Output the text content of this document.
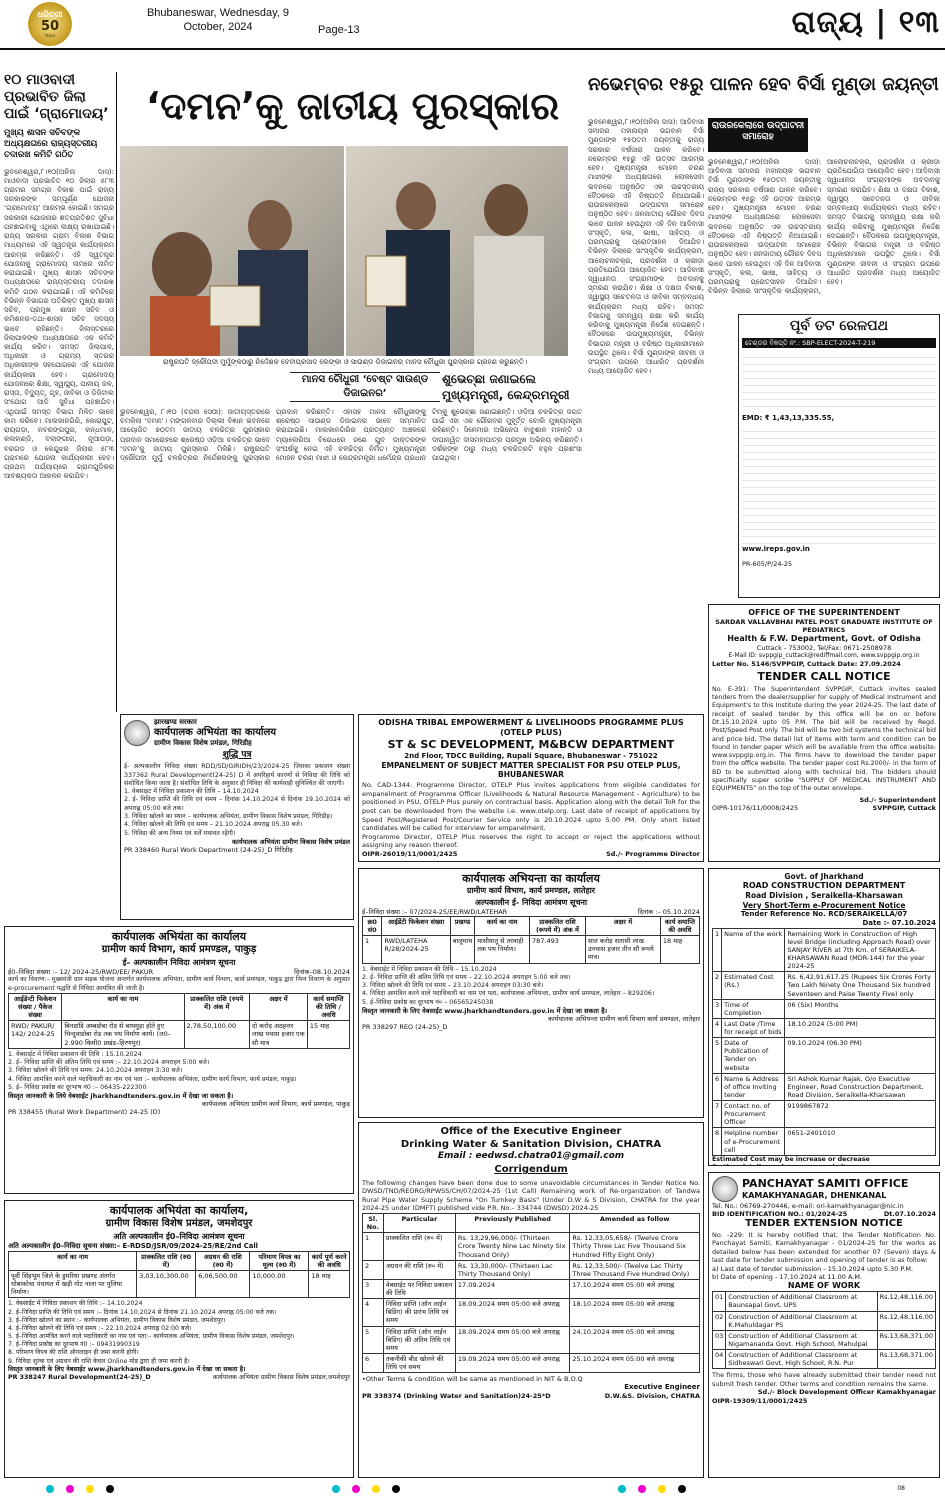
ଧରିତ୍ରୀ
50
Years
Bhubaneswar, Wednesday, 9 October, 2024	Page-13	ରାଜ୍ୟ | ୧୩
୧୦ ମାଓବାଦୀ ପ୍ରଭାବିତ ଜିଲା ପାଇଁ ‘ଗ୍ରାମୋଦୟ’
ମୁଖ୍ୟ ଶାସନ ସଚିବଙ୍କ ଅଧ୍ୟକ୍ଷତାରେ ରାଜ୍ୟସ୍ତରୀୟ ତଦାରଖ କମିଟି ଗଠିତ
ଭୁବନେଶ୍ୱର,୮।୧୦(ଅନିଲ ଦାସ): ମାଓବାଦୀ ପ୍ରଭାବିତ ୧୦ ଜିଲାର ୫୮୩ ଗ୍ରାମର ସମଗ୍ର ବିକାଶ ପାଇଁ ରାଜ୍ୟ ସରକାରଙ୍କ ସମ୍ପୂର୍ଣ୍ଣ ଯୋଜନା ‘ଗ୍ରାମୋଦୟ’ ଆରମ୍ଭ ହୋଇଛି। ସମଗ୍ର ସରକାରୀ ଯୋଜନାର ଶତପ୍ରତିଶତ ସୁବିଧା ପହଞ୍ଚାଇବାକୁ ଏଥିରେ ଲକ୍ଷ୍ୟ ରଖାଯାଇଛି। ରାଜ୍ୟ ସରକାର ଗ୍ରାମ ବିକାଶ ବିଭାଗ ମାଧ୍ୟମରେ ଏହି ସ୍ୱତନ୍ତ୍ର କାର୍ଯ୍ୟକ୍ରମ ଆରମ୍ଭ କରିଛନ୍ତି। ଏହି ସ୍ୱତନ୍ତ୍ର ଯୋଜନାକୁ ଗ୍ରାମୋଦୟ ନାମରେ ନାମିତ କରାଯାଇଛି। ମୁଖ୍ୟ ଶାସନ ସଚିବଙ୍କ ଅଧ୍ୟକ୍ଷତାରେ ରାଜ୍ୟସ୍ତରୀୟ ତଦାରଖ କମିଟି ଗଠନ କରାଯାଇଛି। ଏହି କମିଟିରେ ବିଭିନ୍ନ ବିଭାଗର ଅତିରିକ୍ତ ମୁଖ୍ୟ ଶାସନ ସଚିବ, ପ୍ରମୁଖ ଶାସନ ସଚିବ ଓ କମିଶନର-ତଥା-ଶାସନ ସଚିବ ସଦସ୍ୟ ଭାବେ ରହିଛନ୍ତି। ଜିଲାସ୍ତରରେ ଜିଲାପାଳଙ୍କ ଅଧ୍ୟକ୍ଷତାରେ ଏକ କମିଟି କାର୍ଯ୍ୟ କରିବ। ସମସ୍ତ ଜିଲାପାଳ, ଅଧିକାରୀ ଓ ଗ୍ରାମ୍ୟ ସ୍ତରର ଅଧିକାରୀଙ୍କ ସହଯୋଗରେ ଏହି ଯୋଜନା କାର୍ଯ୍ୟକାରୀ ହେବ। ଗ୍ରାମୋଦୟ ଯୋଜନାରେ ଶିକ୍ଷା, ସ୍ୱାସ୍ଥ୍ୟ, ପାନୀୟ ଜଳ, ରାସ୍ତା, ବିଦ୍ୟୁତ୍, ଗୃହ, ଜୀବିକା ଓ ଡିଜିଟାଲ ସଂଯୋଗ ଆଦି ସୁବିଧା ପହଞ୍ଚାଯିବ। ଏଥିପାଇଁ ସମସ୍ତ ବିଭାଗ ମିଳିତ ଭାବେ କାମ କରିବେ। ମାଲକାନଗିରି, କୋରାପୁଟ, ରାୟଗଡ଼ା, ନବରଙ୍ଗପୁର, କନ୍ଧମାଳ, କଳାହାଣ୍ଡି, ବଲାଙ୍ଗୀର, ନୂଆପଡ଼ା, ବରଗଡ଼ ଓ କେନ୍ଦୁଝର ଜିଲାର ୫୮୩ ଗ୍ରାମରେ ଯୋଜନା କାର୍ଯ୍ୟକାରୀ ହେବ। ପ୍ରଥମ ପର୍ଯ୍ୟାୟରେ ଗ୍ରାମଗୁଡ଼ିକର ଆବଶ୍ୟକତା ଆକଳନ କରାଯିବ।
‘ଦମନ’କୁ ଜାତୀୟ ପୁରସ୍କାର
ରାଷ୍ଟ୍ରପତି ଦ୍ରୌପଦୀ ମୁର୍ମୁଙ୍କଠାରୁ ନିର୍ଦ୍ଦେଶକ ଦେବୀପ୍ରସାଦ ଲେଙ୍କା ଓ ସାଉଣ୍ଡ ଡିଜାଇନର ମାନସ ଚୌଧୁରୀ ପୁରସ୍କାର ଗ୍ରହଣ କରୁଛନ୍ତି।
ମାନସ ଚୌଧୁରୀ ‘ବେଷ୍ଟ ସାଉଣ୍ଡ ଡିଜାଇନର’
ଶୁଭେଚ୍ଛା ଜଣାଇଲେ ମୁଖ୍ୟମନ୍ତ୍ରୀ, କେନ୍ଦ୍ରମନ୍ତ୍ରୀ
ଭୁବନେଶ୍ୱର, ୮।୧୦ (ବନ୍ଦନା ସେଠୀ): ଜାତୀୟସ୍ତରରେ ଚମକିଲା ‘ଦମନ’। ମଙ୍ଗଳବାର ଦିଲ୍ଲୀ ବିଜ୍ଞାନ ଭବନରେ ଆୟୋଜିତ ୭୦ତମ ଜାତୀୟ ଚଳଚ୍ଚିତ୍ର ପୁରସ୍କାର ପ୍ରଦାନ ସମାରୋହରେ ଶ୍ରେଷ୍ଠ ଓଡ଼ିଆ ଚଳଚ୍ଚିତ୍ର ଭାବେ ‘ଦମନ’କୁ ଜାତୀୟ ପୁରସ୍କାର ମିଳିଛି। ରାଷ୍ଟ୍ରପତି ଦ୍ରୌପଦୀ ମୁର୍ମୁ ଚଳଚ୍ଚିତ୍ରର ନିର୍ଦ୍ଦେଶକଙ୍କୁ ପୁରସ୍କାର ପ୍ରଦାନ କରିଛନ୍ତି। ଏହାସହ ମାନସ ଚୌଧୁରୀଙ୍କୁ ଶ୍ରେଷ୍ଠ ସାଉଣ୍ଡ ଡିଜାଇନର ଭାବେ ସମ୍ମାନିତ କରାଯାଇଛି। ମାଲକାନଗିରିର ପ୍ରତ୍ୟନ୍ତ ଅଞ୍ଚଳରେ ମ୍ୟାଲେରିଆ ବିରୋଧରେ ଜଣେ ଯୁବ ଡାକ୍ତରଙ୍କ ସଂଘର୍ଷକୁ ନେଇ ଏହି ଚଳଚ୍ଚିତ୍ର ନିର୍ମିତ। ମୁଖ୍ୟମନ୍ତ୍ରୀ ମୋହନ ଚରଣ ମାଝୀ ଓ କେନ୍ଦ୍ରମନ୍ତ୍ରୀ ଧର୍ମେନ୍ଦ୍ର ପ୍ରଧାନ ଟିମ୍‌କୁ ଶୁଭେଚ୍ଛା ଜଣାଇଛନ୍ତି। ଓଡ଼ିଆ ଚଳଚ୍ଚିତ୍ର ଜଗତ ପାଇଁ ଏହା ଏକ ଗୌରବର ମୁହୂର୍ତ୍ତ ବୋଲି ମୁଖ୍ୟମନ୍ତ୍ରୀ କହିଛନ୍ତି। ସିନେମାର ଅଭିନେତା ବାବୁଶାନ ମହାନ୍ତି ଓ ଦୀପାନ୍ୱିତ ଦାସମହାପାତ୍ର ପ୍ରମୁଖ ଅଭିନୟ କରିଛନ୍ତି। ଦର୍ଶକଙ୍କ ଠାରୁ ମଧ୍ୟ ଚଳଚ୍ଚିତ୍ରଟି ବହୁଳ ପ୍ରଶଂସା ପାଇଥିଲା।
ନଭେମ୍ବର ୧୫ରୁ ପାଳନ ହେବ ବିର୍ସା ମୁଣ୍ଡା ଜୟନ୍ତୀ
ରାଉରକେଲାରେ ଉଦ୍‌ଘାଟନୀ ସମାରୋହ
ଭୁବନେଶ୍ୱର,୮।୧୦(ଅନିଲ ଦାସ): ଆଦିବାସୀ ସମାଜର ମହାନାୟକ ଭଗବାନ ବିର୍ସା ମୁଣ୍ଡାଙ୍କ ୧୫୦ତମ ଜୟନ୍ତୀକୁ ରାଜ୍ୟ ସରକାର ବର୍ଷସାରା ପାଳନ କରିବେ। ନଭେମ୍ବର ୧୫ରୁ ଏହି ଉତ୍ସବ ଆରମ୍ଭ ହେବ। ମୁଖ୍ୟମନ୍ତ୍ରୀ ମୋହନ ଚରଣ ମାଝୀଙ୍କ ଅଧ୍ୟକ୍ଷତାରେ ଲୋକସେବା ଭବନରେ ଅନୁଷ୍ଠିତ ଏକ ଉଚ୍ଚସ୍ତରୀୟ ବୈଠକରେ ଏହି ନିଷ୍ପତ୍ତି ନିଆଯାଇଛି। ରାଉରକେଲାରେ ଉଦ୍‌ଘାଟନୀ ସମାରୋହ ଅନୁଷ୍ଠିତ ହେବ। ଜନଜାତୀୟ ଗୌରବ ଦିବସ ଭାବେ ପାଳନ ହେଉଥିବା ଏହି ଦିନ ଆଦିବାସୀ ସଂସ୍କୃତି, କଳା, ଭାଷା, ସାହିତ୍ୟ ଓ ପରମ୍ପରାକୁ ପ୍ରୋତ୍ସାହନ ଦିଆଯିବ। ବିଭିନ୍ନ ଜିଲାରେ ସାଂସ୍କୃତିକ କାର୍ଯ୍ୟକ୍ରମ, ଆଲୋଚନାଚକ୍ର, ପ୍ରଦର୍ଶନୀ ଓ କ୍ରୀଡ଼ା ପ୍ରତିଯୋଗିତା ଆୟୋଜିତ ହେବ। ଆଦିବାସୀ ସ୍ୱାଧୀନତା ସଂଗ୍ରାମୀଙ୍କ ଅବଦାନକୁ ସ୍ମରଣ କରାଯିବ। ଶିକ୍ଷା ଓ ଦକ୍ଷତା ବିକାଶ, ସ୍ୱାସ୍ଥ୍ୟ ସଚେତନତା ଓ ଜୀବିକା ସମ୍ବନ୍ଧୀୟ କାର୍ଯ୍ୟକ୍ରମ ମଧ୍ୟ ରହିବ। ସମସ୍ତ ବିଭାଗକୁ ସମନ୍ୱୟ ରକ୍ଷା କରି କାର୍ଯ୍ୟ କରିବାକୁ ମୁଖ୍ୟମନ୍ତ୍ରୀ ନିର୍ଦ୍ଦେଶ ଦେଇଛନ୍ତି। ବୈଠକରେ ଉପମୁଖ୍ୟମନ୍ତ୍ରୀ, ବିଭିନ୍ନ ବିଭାଗର ମନ୍ତ୍ରୀ ଓ ବରିଷ୍ଠ ଅଧିକାରୀମାନେ ଉପସ୍ଥିତ ଥିଲେ। ବିର୍ସା ମୁଣ୍ଡାଙ୍କ ଜୀବନୀ ଓ ସଂଗ୍ରାମ ଉପରେ ଆଧାରିତ ପ୍ରଦର୍ଶନୀ ମଧ୍ୟ ଆୟୋଜିତ ହେବ।
ଭୁବନେଶ୍ୱର,୮।୧୦(ଅନିଲ ଦାସ): ଆଦିବାସୀ ସମାଜର ମହାନାୟକ ଭଗବାନ ବିର୍ସା ମୁଣ୍ଡାଙ୍କ ୧୫୦ତମ ଜୟନ୍ତୀକୁ ରାଜ୍ୟ ସରକାର ବର୍ଷସାରା ପାଳନ କରିବେ। ନଭେମ୍ବର ୧୫ରୁ ଏହି ଉତ୍ସବ ଆରମ୍ଭ ହେବ। ମୁଖ୍ୟମନ୍ତ୍ରୀ ମୋହନ ଚରଣ ମାଝୀଙ୍କ ଅଧ୍ୟକ୍ଷତାରେ ଲୋକସେବା ଭବନରେ ଅନୁଷ୍ଠିତ ଏକ ଉଚ୍ଚସ୍ତରୀୟ ବୈଠକରେ ଏହି ନିଷ୍ପତ୍ତି ନିଆଯାଇଛି। ରାଉରକେଲାରେ ଉଦ୍‌ଘାଟନୀ ସମାରୋହ ଅନୁଷ୍ଠିତ ହେବ। ଜନଜାତୀୟ ଗୌରବ ଦିବସ ଭାବେ ପାଳନ ହେଉଥିବା ଏହି ଦିନ ଆଦିବାସୀ ସଂସ୍କୃତି, କଳା, ଭାଷା, ସାହିତ୍ୟ ଓ ପରମ୍ପରାକୁ ପ୍ରୋତ୍ସାହନ ଦିଆଯିବ। ବିଭିନ୍ନ ଜିଲାରେ ସାଂସ୍କୃତିକ କାର୍ଯ୍ୟକ୍ରମ, ଆଲୋଚନାଚକ୍ର, ପ୍ରଦର୍ଶନୀ ଓ କ୍ରୀଡ଼ା ପ୍ରତିଯୋଗିତା ଆୟୋଜିତ ହେବ। ଆଦିବାସୀ ସ୍ୱାଧୀନତା ସଂଗ୍ରାମୀଙ୍କ ଅବଦାନକୁ ସ୍ମରଣ କରାଯିବ। ଶିକ୍ଷା ଓ ଦକ୍ଷତା ବିକାଶ, ସ୍ୱାସ୍ଥ୍ୟ ସଚେତନତା ଓ ଜୀବିକା ସମ୍ବନ୍ଧୀୟ କାର୍ଯ୍ୟକ୍ରମ ମଧ୍ୟ ରହିବ। ସମସ୍ତ ବିଭାଗକୁ ସମନ୍ୱୟ ରକ୍ଷା କରି କାର୍ଯ୍ୟ କରିବାକୁ ମୁଖ୍ୟମନ୍ତ୍ରୀ ନିର୍ଦ୍ଦେଶ ଦେଇଛନ୍ତି। ବୈଠକରେ ଉପମୁଖ୍ୟମନ୍ତ୍ରୀ, ବିଭିନ୍ନ ବିଭାଗର ମନ୍ତ୍ରୀ ଓ ବରିଷ୍ଠ ଅଧିକାରୀମାନେ ଉପସ୍ଥିତ ଥିଲେ। ବିର୍ସା ମୁଣ୍ଡାଙ୍କ ଜୀବନୀ ଓ ସଂଗ୍ରାମ ଉପରେ ଆଧାରିତ ପ୍ରଦର୍ଶନୀ ମଧ୍ୟ ଆୟୋଜିତ ହେବ।
ପୂର୍ବ ତଟ ରେଳପଥ
ଟେଣ୍ଡର ବିଜ୍ଞପ୍ତି ନଂ.: SBP-ELECT-2024-T-219
EMD: ₹ 1,43,13,335.55,
www.ireps.gov.in
PR-605/P/24-25
OFFICE OF THE SUPERINTENDENT
SARDAR VALLAVBHAI PATEL POST GRADUATE INSTITUTE OF PEDIATRICS
Health & F.W. Department, Govt. of Odisha
Cuttack - 753002, Tel/Fax: 0671-2508978
E-Mail ID: svppgip_cuttack@rediffmail.com, www.svppgip.org.in
Letter No. 5146/SVPPGIP, Cuttack Date: 27.09.2024
TENDER CALL NOTICE
No. E-391: The Superintendent SVPPGIP, Cuttack invites sealed tenders from the dealer/supplier for supply of Medical Instrument and Equipment's to this Institute during the year 2024-25. The last date of receipt of sealed tender by this office will be on or before Dt.15.10.2024 upto 05 P.M. The bid will be received by Regd. Post/Speed Post only. The bid will be two bid systems the technical bid and price bid. The detail list of items with term and condition can be found in tender paper which will be available from the office website: www.svppgip.org.in. The firms have to download the tender paper from the office website. The tender paper cost Rs.2000/- in the form of BD to be submitted along with technical bid. The bidders should specifically super scribe “SUPPLY OF MEDICAL INSTRUMENT AND EQUIPMENTS” on the top of the outer envelope.
Sd./- Superintendent
OIPR-10176/11/0008/2425	SVPPGIP, Cuttack
झारखण्ड सरकार
कार्यपालक अभियंता का कार्यालय
ग्रामीण विकास विशेष प्रमंडल, गिरिडीह
शुद्धि पत्र
ई- अल्पकालीन निविदा संख्या RDD/SD/GIRIDH/23/2024-25 जिसका प्रकाशन संख्या 337362 Rural Development(24-25) D में अपरिहार्य कारणों से निविदा की तिथि को संशोधित किया जाता है। संशोधित तिथि के अनुसार ही निविदा की कार्यवाही सुनिश्चित की जाएगी।
1. वेबसाइट में निविदा प्रकाशन की तिथि – 14.10.2024
2. ई- निविदा प्राप्ति की तिथि एवं समय – दिनांक 14.10.2024 से दिनांक 19.10.2024 को अपराह्न 05:00 बजे तक।
3. निविदा खोलने का स्थान – कार्यपालक अभियंता, ग्रामीण विकास विशेष प्रमंडल, गिरिडीह।
4. निविदा खोलने की तिथि एवं समय – 21.10.2024 अपराह्न 05.30 बजे।
5. निविदा की अन्य नियम एवं शर्तें यथावत रहेंगी।
कार्यपालक अभियंता ग्रामीण विकास विशेष प्रमंडल
PR 338460 Rural Work Department (24-25)_D गिरिडीह
ODISHA TRIBAL EMPOWERMENT & LIVELIHOODS PROGRAMME PLUS (OTELP PLUS)
ST & SC DEVELOPMENT, M&BCW DEPARTMENT
2nd Floor, TDCC Building, Rupali Square, Bhubaneswar - 751022
EMPANELMENT OF SUBJECT MATTER SPECIALIST FOR PSU OTELP PLUS, BHUBANESWAR
No. CAD-1344: Programme Director, OTELP Plus invites applications from eligible candidates for empanelment of Programme Officer (Livelihoods & Natural Resource Management - Agriculture) to be positioned in PSU, OTELP Plus purely on contractual basis. Application along with the detail ToR for the post can be downloaded from the website i.e. www.otelp.org. Last date of receipt of applications by Speed Post/Registered Post/Courier Service only is 20.10.2024 upto 5.00 PM. Only short listed candidates will be called for interview for empanelment.
Programme Director, OTELP Plus reserves the right to accept or reject the applications without assigning any reason thereof.
OIPR-26019/11/0001/2425	Sd./- Programme Director
कार्यपालक अभियंता का कार्यालय
ग्रामीण कार्य विभाग, कार्य प्रमण्डल, पाकुड़
ई– अल्पकालीन निविदा आमंत्रण सूचना
ई0–निविदा संख्या :– 12/ 2024-25/RWD/EE/ PAKUR	दिनांक–08.10.2024
कार्य का विवरण:– मुख्यमंत्री ग्राम सड़क योजना अन्तर्गत कार्यपालक अभियंता, ग्रामीण कार्य विभाग, कार्य प्रमण्डल, पाकुड़ द्वारा निम्न विवरण के अनुसार e-procurement पद्धति से निविदा आमंत्रित की जाती है।
आईडेन्टी फिकेशन संख्या / पैकेज संख्या	कार्य का नाम	प्राक्कलित राशि (रुपये में) अंक में	अक्षर में	कार्य समाप्ति की तिथि / अवधि
RWD/ PAKUR/ 142/ 2024-25	बिनडांडि अम्बडोबा रोड से बाथमुड़ा होते हुए चिन्दुवाडोबा रोड तक पथ निर्माण कार्य। (ल0–2.990 किमी0 प्रखंड–हिरणपुर)	2,78,50,100.00	दो करोड़ अठहत्तर लाख पचास हजार एक सौ मात्र	15 माह
1. वेबसाईट में निविदा प्रकाशन की तिथि : 15.10.2024
2. ई– निविदा प्राप्ति की अंतिम तिथि एवं समय :– 22.10.2024 अपराहन 5:00 बजे।
3. निविदा खोलने की तिथि एवं समय: 24.10.2024 अपराहन 3:30 बजे।
4. निविदा आमंत्रित करने वाले पदाधिकारी का नाम एवं पता :– कार्यपालक अभियंता, ग्रामीण कार्य विभाग, कार्य प्रमंडल, पाकुड़।
5. ई– निविदा प्रकोष्ठ का दूरभाष नं0 :– 06435-222300
विस्तृत जानकारी के लिये वेबसाईट jharkhandtenders.gov.in में देखा जा सकता है।
कार्यपालक अभियंता ग्रामीण कार्य विभाग, कार्य प्रमण्डल, पाकुड़
PR 338455 (Rural Work Department) 24-25 (D)
कार्यपालक अभियन्ता का कार्यालय
ग्रामीण कार्य विभाग, कार्य प्रमण्डल, लातेहार
अल्पकालीन ई- निविदा आमंत्रण सूचना
ई–निविदा संख्या :– 07/2024-25/EE/RWD/LATEHAR	दिनांक :– 05.10.2024
क्र0 सं0	आईडेंटी फिकेशन संख्या	प्रखण्ड	कार्य का नाम	प्राक्कलित राशि (रूपये में) अंक में	अक्षर में	कार्य समाप्ति की अवधि
1	RWD/LATEHA R/28/2024-25	बालूमाथ	मासीयातू से तरवाही तक पथ निर्माण।	787.493	सात करोड़ सतासी लाख उनचास हजार तीन सौ रूपये मात्र।	18 माह
1. वेबसाईट में निविदा प्रकाशन की तिथि – 15.10.2024
2. ई- निविदा प्राप्ति की अंतिम तिथि एवं समय – 22.10.2024 अपराहन 5:00 बजे तक।
3. निविदा खोलने की तिथि एवं समय – 23.10.2024 अपराहन 03:30 बजे।
4. निविदा आमंत्रित करने वाले पदाधिकारी का नाम एवं पता, कार्यपालक अभियन्ता, ग्रामीण कार्य प्रमण्डल, लातेहार – 829206।
5. ई–निविदा प्रकोष्ठ का दूरभाष नं० – 06565245038
विस्तृत जानकारी के लिए वेबसाईट www.jharkhandtenders.gov.in में देखा जा सकता है।
कार्यपालक अभियन्ता ग्रामीण कार्य विभाग कार्य प्रमण्डल, लातेहार
PR 338297 REO (24-25)_D
Govt. of Jharkhand
ROAD CONSTRUCTION DEPARTMENT
Road Division , Seraikella-Kharsawan
Very Short-Term e-Procurement Notice
Tender Reference No. RCD/SERAIKELLA/07
Date :- 07.10.2024
1	Name of the work	Remaining Work in Construction of High level Bridge (including Approach Road) over SANJAY RIVER at 7th Km. of SERAIKELA-KHARSAWAN Road (MDR-144) for the year 2024-25
2	Estimated Cost (Rs.)	Rs. 6,42,91,617.25 (Rupees Six Crores Forty Two Lakh Ninety One Thousand Six hundred Seventeen and Paise Twenty Five) only
3	Time of Completion	06 (Six) Months
4	Last Date /Time for receipt of bids	18.10.2024 (5:00 PM)
5	Date of Publication of Tender on website	09.10.2024 (06.30 PM)
6	Name & Address of office Inviting tender	Sri Ashok Kumar Rajak, O/o Executive Engineer, Road Construction Department, Road Division, Seraikella-Kharsawan
7	Contact no. of Procurement Officer	9199867872
8	Helpline number of e-Procurement cell	0651-2401010
Estimated Cost may be increase or decrease
कार्यपालक अभियंता का कार्यालय,
ग्रामीण विकास विशेष प्रमंडल, जमशेदपुर
अति अल्पकालीन ई0–निविदा आमंत्रण सूचना
अति अल्पकालीन ई0–निविदा सूचना संख्या:– E-RDSD/JSR/09/2024-25/RE/2nd Call
कार्य का नाम	प्राक्कलित राशि (रु0 में)	अग्रधन की राशि (रु0 में)	परिमाण विपत्र का मूल्य (रु0 में)	कार्य पूर्ण करने की अवधि
पूर्वी सिंहभूम जिले के डुमरिया प्रखण्ड अंतर्गत धोबाकोचा पंचायत में खड़ी गोट नाला पर पुलिया निर्माण।	3,03,10,300.00	6,06,500.00	10,000.00	18 माह
1. वेबसाईट में निविदा प्रकाशन की तिथि :– 14.10.2024
2. ई–निविदा प्राप्ति की तिथि एवं समय :– दिनांक 14.10.2024 से दिनांक 21.10.2024 अपराह्न 05:00 बजे तक।
3. ई–निविदा खोलने का स्थान :– कार्यपालक अभियंता, ग्रामीण विकास विशेष प्रमंडल, जमशेदपुर।
4. ई–निविदा खोलने की तिथि एवं समय :– 22.10.2024 अपराह्न 02:00 बजे।
5. ई–निविदा आमंत्रित करने वाले पदाधिकारी का नाम एवं पता:– कार्यपालक अभियंता, ग्रामीण विकास विशेष प्रमंडल, जमशेदपुर।
7. ई–निविदा प्रकोष्ठ का दूरभाष नं0 :– 09431990319
8. परिमाण विपत्र की राशि ऑनलाइन ही जमा करनी होगी।
9. निविदा शुल्क एवं अग्रधन की राशि केवल Online मोड द्वारा ही जमा करनी है।
विस्तृत जानकारी के लिए वेबसाईट www.jharkhandtenders.gov.in में देखा जा सकता है।
PR 338247 Rural Development(24-25)_D	कार्यपालक अभियंता ग्रामीण विकास विशेष प्रमंडल,जमशेदपुर
Office of the Executive Engineer
Drinking Water & Sanitation Division, CHATRA
Email : eedwsd.chatra01@gmail.com
Corrigendum
The following changes have been done due to some unavoidable circumstances in Tender Notice No. DWSD/TND/REORG/RPWSS/CH/07/2024-25 (1st Call) Remaining work of Re-organization of Tandwa Rural Pipe Water Supply Scheme "On Turnkey Basis" (Under D.W & S Division, CHATRA for the year 2024-25 under (DMFT) published vide P.R. No.– 334744 (DWSD) 2024-25
Sl. No.	Particular	Previously Published	Amended as follow
1	प्राक्कलित राशि (रु० में)	Rs. 13,29,96,000/- (Thirteen Crore Twenty Nine Lac Ninety Six Thousand Only)	Rs. 12,33,05,658/- (Twelve Crore Thirty Three Lac Five Thousand Six Hundred Fifty Eight Only)
2	अग्रधन की राशि (रु० में)	Rs. 13,30,000/- (Thirteen Lac Thirty Thousand Only)	Rs. 12,33,500/- (Twelve Lac Thirty Three Thousand Five Hundred Only)
3	वेबसाईट पर निविदा प्रकाशन की तिथि	17.09.2024	17.10.2024 समय 05:00 बजे अपराह्न
4	निविदा प्राप्ति (ऑन लाईन बिडिंग) की प्रारंभ तिथि एवं समय	18.09.2024 समय 05:00 बजे अपराह्न	18.10.2024 समय 05:00 बजे अपराह्न
5	निविदा प्राप्ति (ऑन लाईन बिडिंग) की अंतिम तिथि एवं समय	18.09.2024 समय 05:00 बजे अपराह्न	24.10.2024 समय 05:00 बजे अपराह्न
6	तकनीकी बीड खोलने की तिथि एवं समय	19.09.2024 समय 05:00 बजे अपराह्न	25.10.2024 समय 05:00 बजे अपराह्न
•Other Terms & condition will be same as mentioned in NIT & B.O.Q
Executive Engineer
PR 338374 (Drinking Water and Sanitation)24-25*D	D.W.&S. Division, CHATRA
PANCHAYAT SAMITI OFFICE
KAMAKHYANAGAR, DHENKANAL
Tel. No.: 06769-270446, e-mail: ori-kamakhyanagar@nic.in
BID IDENTIFICATION NO.: 01/2024-25	Dt.07.10.2024
TENDER EXTENSION NOTICE
No. -229: It is hereby notified that, the Tender Notification No. Panchayat Samiti, Kamakhyanagar - 01/2024-25 for the works as detailed below has been extended for another 07 (Seven) days & last date for tender submission and opening of tender is as follow:
a) Last date of tender submission - 15.10.2024 upto 5.30 P.M.
b) Date of opening - 17.10.2024 at 11.00 A.M.
NAME OF WORK
01	Construction of Additional Classroom at Baunsapal Govt. UPS	Rs.12,48,116.00
02	Construction of Additional Classroom at K.Mahuldagar PS	Rs.12,48,116.00
03	Construction of Additional Classroom at Nigamananda Govt. High School, Mahulpal	Rs.13,68,371.00
04	Construction of Additional Classroom at Sidheswari Govt. High School, R.N. Pur	Rs.13,68,371.00
The firms, those who have already submitted their tender need not submit fresh tender. Other terms and condition remains the same.
Sd./- Block Development Officer Kamakhyanagar
OIPR-19309/11/0001/2425
08
